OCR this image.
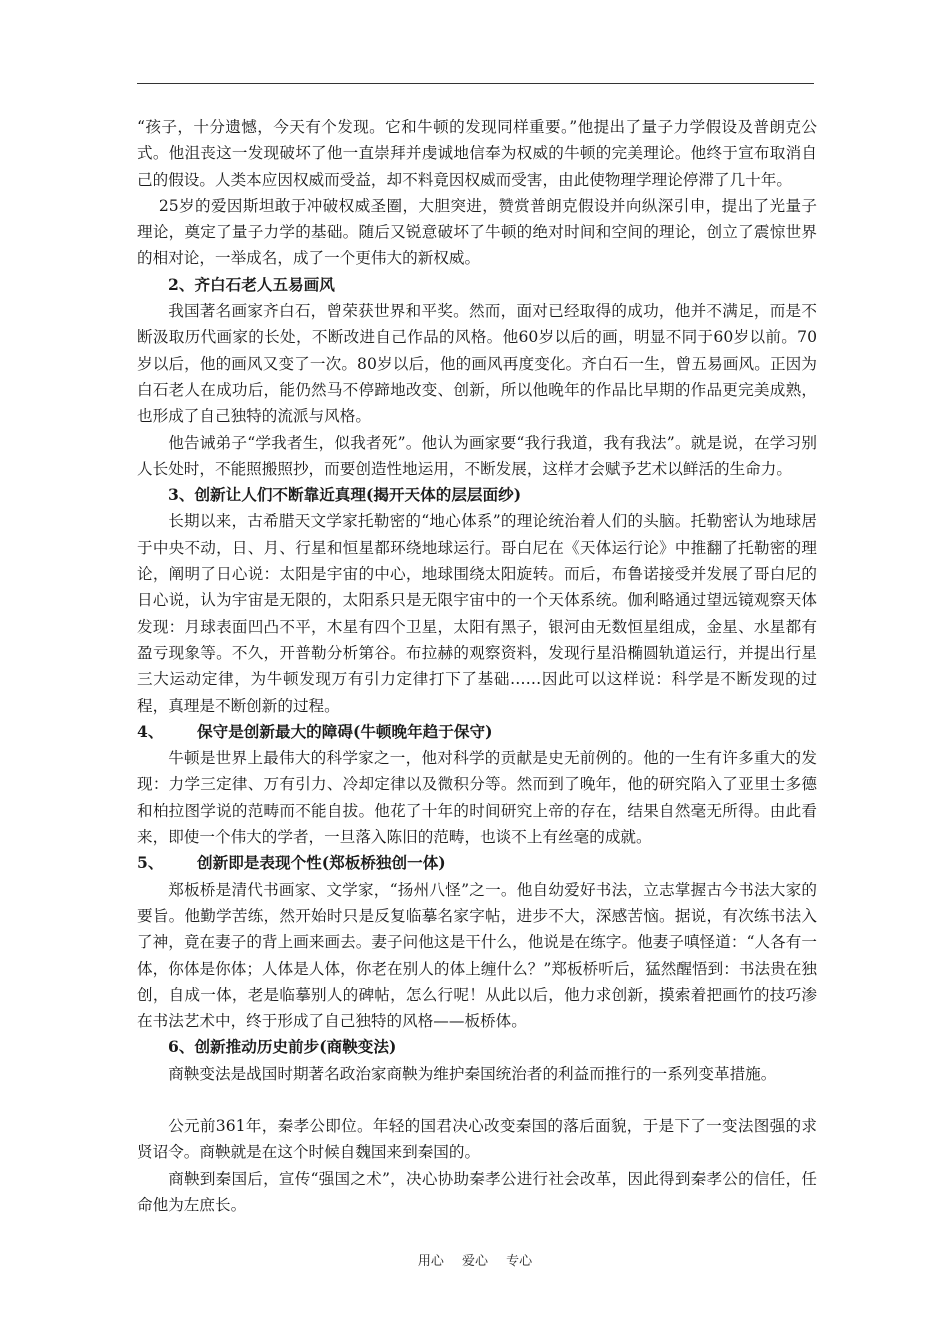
“孩子，十分遗憾，今天有个发现。它和牛顿的发现同样重要。”他提出了量子力学假设及普朗克公式。他沮丧这一发现破坏了他一直崇拜并虔诚地信奉为权威的牛顿的完美理论。他终于宣布取消自己的假设。人类本应因权威而受益，却不料竟因权威而受害，由此使物理学理论停滞了几十年。

25岁的爱因斯坦敢于冲破权威圣圈，大胆突进，赞赏普朗克假设并向纵深引申，提出了光量子理论，奠定了量子力学的基础。随后又锐意破坏了牛顿的绝对时间和空间的理论，创立了震惊世界的相对论，一举成名，成了一个更伟大的新权威。

2、齐白石老人五易画风

我国著名画家齐白石，曾荣获世界和平奖。然而，面对已经取得的成功，他并不满足，而是不断汲取历代画家的长处，不断改进自己作品的风格。他60岁以后的画，明显不同于60岁以前。70岁以后，他的画风又变了一次。80岁以后，他的画风再度变化。齐白石一生，曾五易画风。正因为白石老人在成功后，能仍然马不停蹄地改变、创新，所以他晚年的作品比早期的作品更完美成熟，也形成了自己独特的流派与风格。

他告诫弟子“学我者生，似我者死”。他认为画家要“我行我道，我有我法”。就是说，在学习别人长处时，不能照搬照抄，而要创造性地运用，不断发展，这样才会赋予艺术以鲜活的生命力。

3、创新让人们不断靠近真理(揭开天体的层层面纱)

长期以来，古希腊天文学家托勒密的“地心体系”的理论统治着人们的头脑。托勒密认为地球居于中央不动，日、月、行星和恒星都环绕地球运行。哥白尼在《天体运行论》中推翻了托勒密的理论，阐明了日心说：太阳是宇宙的中心，地球围绕太阳旋转。而后，布鲁诺接受并发展了哥白尼的日心说，认为宇宙是无限的，太阳系只是无限宇宙中的一个天体系统。伽利略通过望远镜观察天体发现：月球表面凹凸不平，木星有四个卫星，太阳有黑子，银河由无数恒星组成，金星、水星都有盈亏现象等。不久，开普勒分析第谷。布拉赫的观察资料，发现行星沿椭圆轨道运行，并提出行星三大运动定律，为牛顿发现万有引力定律打下了基础……因此可以这样说：科学是不断发现的过程，真理是不断创新的过程。

4、 保守是创新最大的障碍(牛顿晚年趋于保守)

牛顿是世界上最伟大的科学家之一，他对科学的贡献是史无前例的。他的一生有许多重大的发现：力学三定律、万有引力、冷却定律以及微积分等。然而到了晚年，他的研究陷入了亚里士多德和柏拉图学说的范畴而不能自拔。他花了十年的时间研究上帝的存在，结果自然毫无所得。由此看来，即使一个伟大的学者，一旦落入陈旧的范畴，也谈不上有丝毫的成就。

5、 创新即是表现个性(郑板桥独创一体)

郑板桥是清代书画家、文学家，“扬州八怪”之一。他自幼爱好书法，立志掌握古今书法大家的要旨。他勤学苦练，然开始时只是反复临摹名家字帖，进步不大，深感苦恼。据说，有次练书法入了神，竟在妻子的背上画来画去。妻子问他这是干什么，他说是在练字。他妻子嗔怪道：“人各有一体，你体是你体；人体是人体，你老在别人的体上缠什么？”郑板桥听后，猛然醒悟到：书法贵在独创，自成一体，老是临摹别人的碑帖，怎么行呢！从此以后，他力求创新，摸索着把画竹的技巧渗在书法艺术中，终于形成了自己独特的风格——板桥体。

6、创新推动历史前步(商鞅变法)

商鞅变法是战国时期著名政治家商鞅为维护秦国统治者的利益而推行的一系列变革措施。

公元前361年，秦孝公即位。年轻的国君决心改变秦国的落后面貌，于是下了一变法图强的求贤诏令。商鞅就是在这个时候自魏国来到秦国的。

商鞅到秦国后，宣传“强国之术”，决心协助秦孝公进行社会改革，因此得到秦孝公的信任，任命他为左庶长。

用心 爱心 专心
